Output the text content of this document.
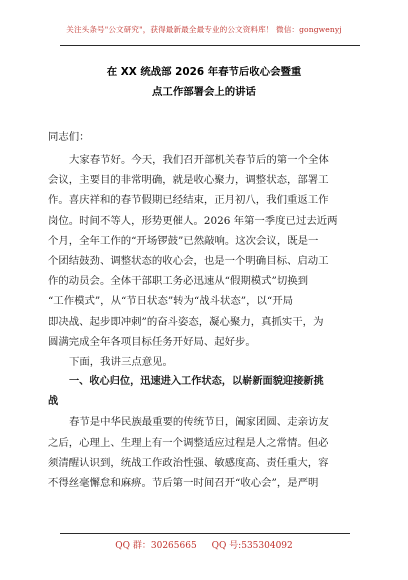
关注头条号"公文研究"，获得最新最全最专业的公文资料库！ 微信：gongwenyj
在 XX 统战部 2026 年春节后收心会暨重
点工作部署会上的讲话
同志们：
大家春节好。今天，我们召开部机关春节后的第一个全体
会议，主要目的非常明确，就是收心聚力，调整状态，部署工
作。喜庆祥和的春节假期已经结束，正月初八，我们重返工作
岗位。时间不等人，形势更催人。2026 年第一季度已过去近两
个月，全年工作的“开场锣鼓”已然敲响。这次会议，既是一
个团结鼓劲、调整状态的收心会，也是一个明确目标、启动工
作的动员会。全体干部职工务必迅速从“假期模式”切换到
“工作模式”，从“节日状态”转为“战斗状态”，以“开局
即决战、起步即冲刺”的奋斗姿态，凝心聚力，真抓实干，为
圆满完成全年各项目标任务开好局、起好步。
下面，我讲三点意见。
一、收心归位，迅速进入工作状态，以崭新面貌迎接新挑
战
春节是中华民族最重要的传统节日，阖家团圆、走亲访友
之后，心理上、生理上有一个调整适应过程是人之常情。但必
须清醒认识到，统战工作政治性强、敏感度高、责任重大，容
不得丝毫懈怠和麻痹。节后第一时间召开“收心会”，是严明
QQ 群：30265665 QQ 号:535304092
